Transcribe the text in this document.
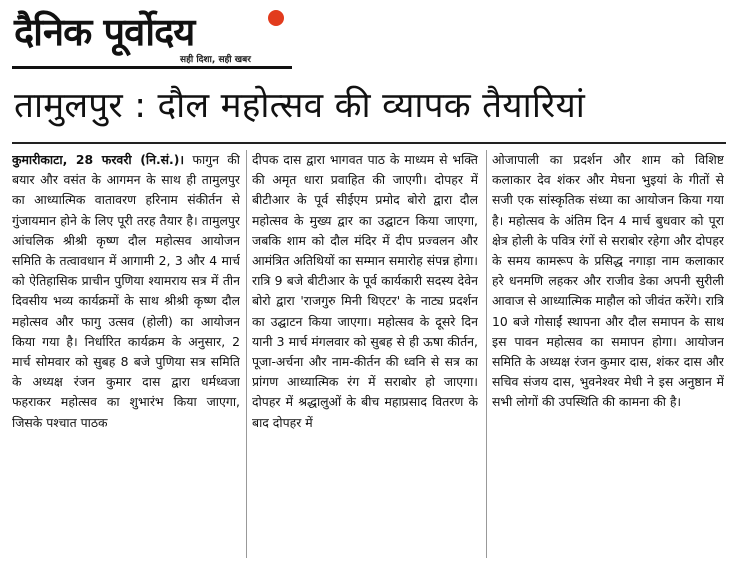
दैनिक पूर्वोदय
सही दिशा, सही खबर
तामुलपुर : दौल महोत्सव की व्यापक तैयारियां
कुमारीकाटा, 28 फरवरी (नि.सं.)। फागुन की बयार और वसंत के आगमन के साथ ही तामुलपुर का आध्यात्मिक वातावरण हरिनाम संकीर्तन से गुंजायमान होने के लिए पूरी तरह तैयार है। तामुलपुर आंचलिक श्रीश्री कृष्ण दौल महोत्सव आयोजन समिति के तत्वावधान में आगामी 2, 3 और 4 मार्च को ऐतिहासिक प्राचीन पुणिया श्यामराय सत्र में तीन दिवसीय भव्य कार्यक्रमों के साथ श्रीश्री कृष्ण दौल महोत्सव और फागु उत्सव (होली) का आयोजन किया गया है। निर्धारित कार्यक्रम के अनुसार, 2 मार्च सोमवार को सुबह 8 बजे पुणिया सत्र समिति के अध्यक्ष रंजन कुमार दास द्वारा धर्मध्वजा फहराकर महोत्सव का शुभारंभ किया जाएगा, जिसके पश्चात पाठक
दीपक दास द्वारा भागवत पाठ के माध्यम से भक्ति की अमृत धारा प्रवाहित की जाएगी। दोपहर में बीटीआर के पूर्व सीईएम प्रमोद बोरो द्वारा दौल महोत्सव के मुख्य द्वार का उद्घाटन किया जाएगा, जबकि शाम को दौल मंदिर में दीप प्रज्वलन और आमंत्रित अतिथियों का सम्मान समारोह संपन्न होगा। रात्रि 9 बजे बीटीआर के पूर्व कार्यकारी सदस्य देवेन बोरो द्वारा 'राजगुरु मिनी थिएटर' के नाट्य प्रदर्शन का उद्घाटन किया जाएगा। महोत्सव के दूसरे दिन यानी 3 मार्च मंगलवार को सुबह से ही ऊषा कीर्तन, पूजा-अर्चना और नाम-कीर्तन की ध्वनि से सत्र का प्रांगण आध्यात्मिक रंग में सराबोर हो जाएगा। दोपहर में श्रद्धालुओं के बीच महाप्रसाद वितरण के बाद दोपहर में
ओजापाली का प्रदर्शन और शाम को विशिष्ट कलाकार देव शंकर और मेघना भुइयां के गीतों से सजी एक सांस्कृतिक संध्या का आयोजन किया गया है। महोत्सव के अंतिम दिन 4 मार्च बुधवार को पूरा क्षेत्र होली के पवित्र रंगों से सराबोर रहेगा और दोपहर के समय कामरूप के प्रसिद्ध नगाड़ा नाम कलाकार हरे धनमणि लहकर और राजीव डेका अपनी सुरीली आवाज से आध्यात्मिक माहौल को जीवंत करेंगे। रात्रि 10 बजे गोसाईं स्थापना और दौल समापन के साथ इस पावन महोत्सव का समापन होगा। आयोजन समिति के अध्यक्ष रंजन कुमार दास, शंकर दास और सचिव संजय दास, भुवनेश्वर मेधी ने इस अनुष्ठान में सभी लोगों की उपस्थिति की कामना की है।
